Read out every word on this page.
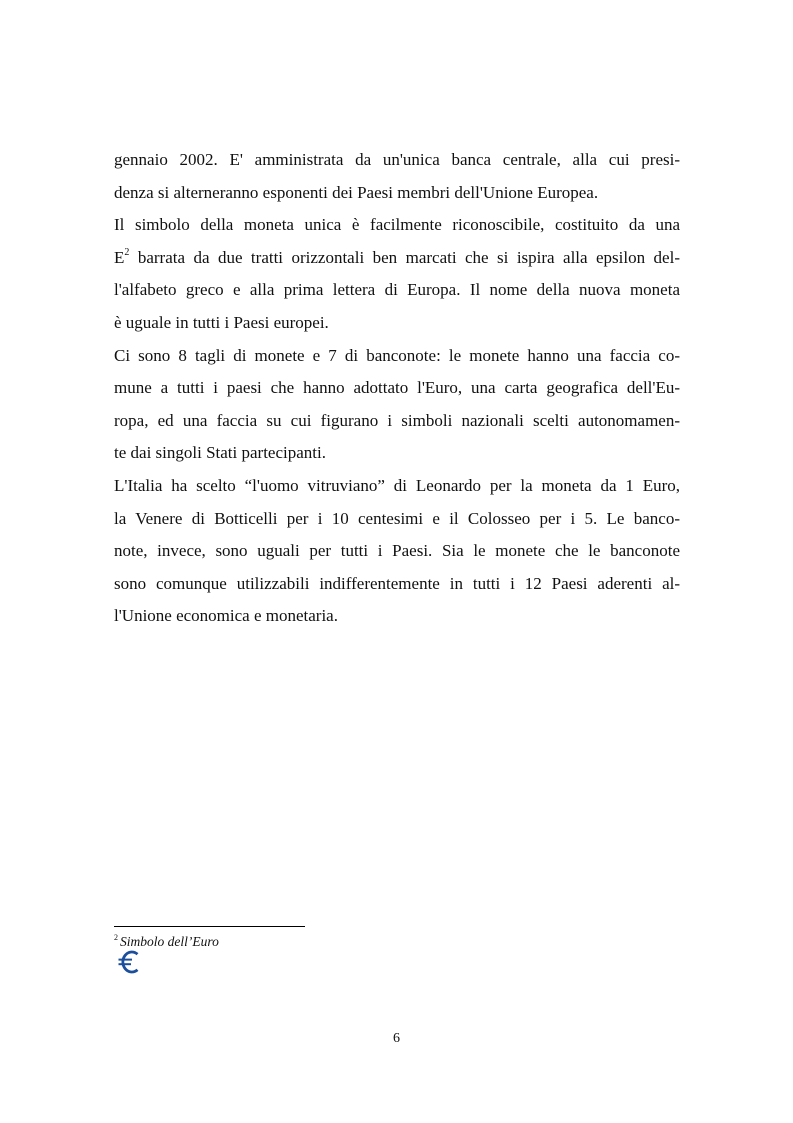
gennaio 2002. E' amministrata da un'unica banca centrale, alla cui presi-
denza si alterneranno esponenti dei Paesi membri dell'Unione Europea.
Il simbolo della moneta unica è facilmente riconoscibile, costituito da una
$E^2$ barrata da due tratti orizzontali ben marcati che si ispira alla epsilon del-
l'alfabeto greco e alla prima lettera di Europa. Il nome della nuova moneta
è uguale in tutti i Paesi europei.
Ci sono 8 tagli di monete e 7 di banconote: le monete hanno una faccia co-
mune a tutti i paesi che hanno adottato l'Euro, una carta geografica dell'Eu-
ropa, ed una faccia su cui figurano i simboli nazionali scelti autonomamen-
te dai singoli Stati partecipanti.
L'Italia ha scelto “l'uomo vitruviano” di Leonardo per la moneta da 1 Euro,
la Venere di Botticelli per i 10 centesimi e il Colosseo per i 5. Le banco-
note, invece, sono uguali per tutti i Paesi. Sia le monete che le banconote
sono comunque utilizzabili indifferentemente in tutti i 12 Paesi aderenti al-
l'Unione economica e monetaria.
$^2$ Simbolo dell’Euro
6
